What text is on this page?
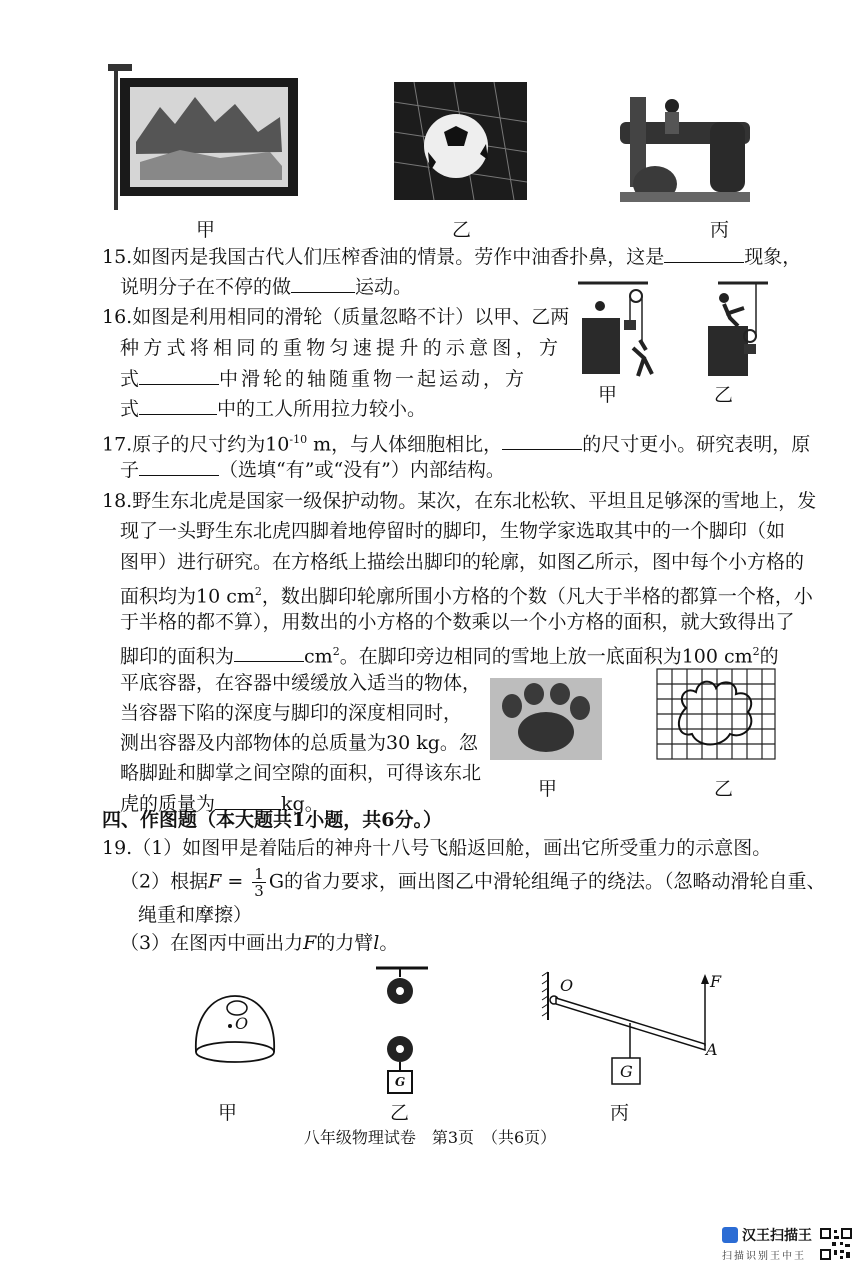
甲	乙	丙
15.如图丙是我国古代人们压榨香油的情景。劳作中油香扑鼻，这是	现象，
说明分子在不停的做	运动。
16.如图是利用相同的滑轮（质量忽略不计）以甲、乙两
种方式将相同的重物匀速提升的示意图，方
式	中滑轮的轴随重物一起运动，方
式	中的工人所用拉力较小。
甲	乙
17.原子的尺寸约为$10^{-10}$ m，与人体细胞相比，	的尺寸更小。研究表明，原
子	（选填“有”或“没有”）内部结构。
18.野生东北虎是国家一级保护动物。某次，在东北松软、平坦且足够深的雪地上，发
现了一头野生东北虎四脚着地停留时的脚印，生物学家选取其中的一个脚印（如
图甲）进行研究。在方格纸上描绘出脚印的轮廓，如图乙所示，图中每个小方格的
面积均为10 $cm^2$，数出脚印轮廓所围小方格的个数（凡大于半格的都算一个格，小
于半格的都不算），用数出的小方格的个数乘以一个小方格的面积，就大致得出了
脚印的面积为	$cm^2$。在脚印旁边相同的雪地上放一底面积为100 $cm^2$的
平底容器，在容器中缓缓放入适当的物体，
当容器下陷的深度与脚印的深度相同时，
测出容器及内部物体的总质量为30 kg。忽
略脚趾和脚掌之间空隙的面积，可得该东北
虎的质量为	kg。
甲	乙
四、作图题（本大题共1小题，共6分。）
19.（1）如图甲是着陆后的神舟十八号飞船返回舱，画出它所受重力的示意图。
（2）根据$F = \frac{1}{3}$ G的省力要求，画出图乙中滑轮组绳子的绕法。（忽略动滑轮自重、
绳重和摩擦）
（3）在图丙中画出力F的力臂l。
O
甲
G
乙
O	F
A
G
丙
八年级物理试卷　第3页　（共6页）
汉王扫描王
扫描识别王中王
